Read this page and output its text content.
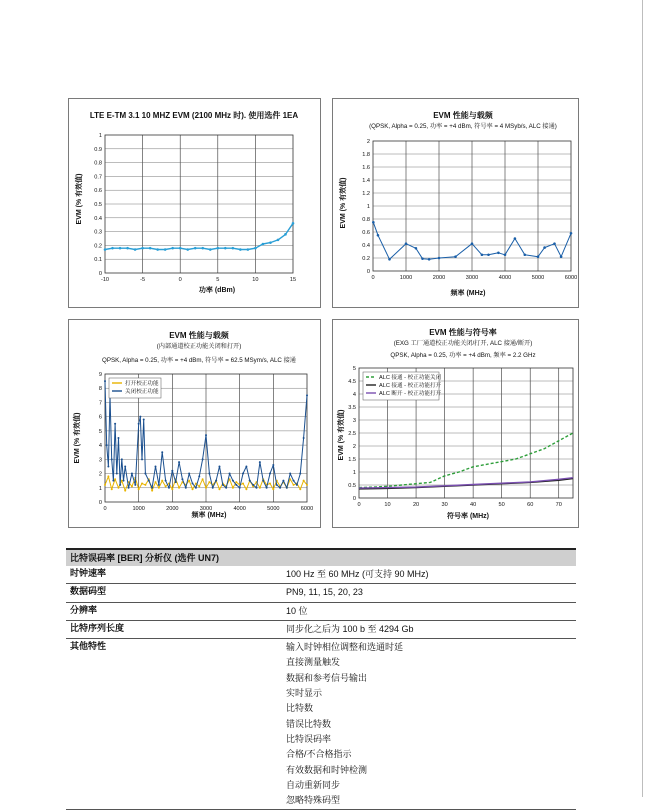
LTE E-TM 3.1 10 MHZ EVM (2100 MHz 时). 使用选件 1EA
0
0.1
0.2
0.3
0.4
0.5
0.6
0.7
0.8
0.9
1
-10	-5	0	5	10	15
功率 (dBm)
EVM (% 有效值)
EVM 性能与载频
(QPSK, Alpha = 0.25, 功率 = +4 dBm, 符号率 = 4 MSyb/s, ALC 接通)
0
0.2
0.4
0.6
0.8
1
1.2
1.4
1.6
1.8
2
0	1000	2000	3000	4000	5000	6000
频率 (MHz)
EVM (% 有效值)
EVM 性能与载频
(内部通道校正功能关闭和打开)
QPSK, Alpha = 0.25, 功率 = +4 dBm, 符号率 = 62.5 MSym/s, ALC 接通
0
1
2
3
4
5
6
7
8
9
0	1000	2000	3000	4000	5000	6000
打开校正功能
关闭校正功能
频率 (MHz)
EVM (% 有效值)
EVM 性能与符号率
(EXG 工厂通道校正功能关闭/打开, ALC 接通/断开)
QPSK, Alpha = 0.25, 功率 = +4 dBm, 频率 = 2.2 GHz
0
0.5
1
1.5
2
2.5
3
3.5
4
4.5
5
0	10	20	30	40	50	60	70
ALC 接通 - 校正功能关闭
ALC 接通 - 校正功能打开
ALC 断开 - 校正功能打开
符号率 (MHz)
EVM (% 有效值)
比特误码率 [BER] 分析仪 (选件 UN7)
时钟速率	100 Hz 至 60 MHz (可支持 90 MHz)
数据码型	PN9, 11, 15, 20, 23
分辨率	10 位
比特序列长度	同步化之后为 100 b 至 4294 Gb
其他特性	输入时钟相位调整和选通时延
直接测量触发
数据和参考信号输出
实时显示
比特数
错误比特数
比特误码率
合格/不合格指示
有效数据和时钟检测
自动重新同步
忽略特殊码型
